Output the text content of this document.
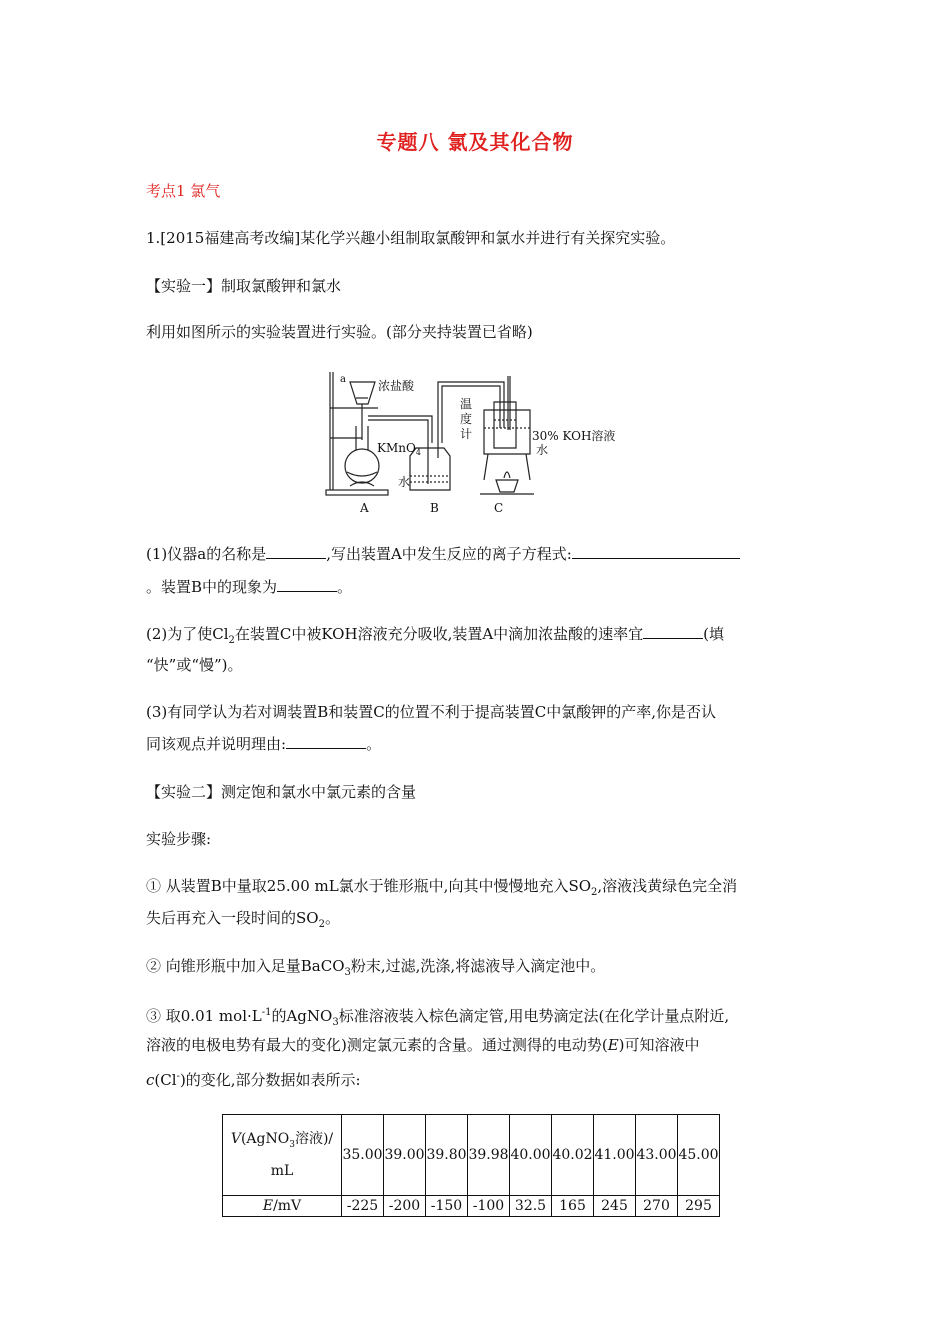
专题八 氯及其化合物
考点1 氯气
1.[2015福建高考改编]某化学兴趣小组制取氯酸钾和氯水并进行有关探究实验。
【实验一】制取氯酸钾和氯水
利用如图所示的实验装置进行实验。(部分夹持装置已省略)
a	浓盐酸
KMnO$_4$
温
度
计	30% KOH溶液
水
水
A	B	C
(1)仪器a的名称是	,写出装置A中发生反应的离子方程式:
。装置B中的现象为	。
(2)为了使$Cl_2$在装置C中被KOH溶液充分吸收,装置A中滴加浓盐酸的速率宜	(填
“快”或“慢”)。
(3)有同学认为若对调装置B和装置C的位置不利于提高装置C中氯酸钾的产率,你是否认
同该观点并说明理由:	。
【实验二】测定饱和氯水中氯元素的含量
实验步骤:
① 从装置B中量取25.00 mL氯水于锥形瓶中,向其中慢慢地充入$SO_2$,溶液浅黄绿色完全消
失后再充入一段时间的$SO_2$。
② 向锥形瓶中加入足量BaCO$_3$粉末,过滤,洗涤,将滤液导入滴定池中。
③ 取0.01 $mol\cdot L^{-1}$的AgNO$_3$标准溶液装入棕色滴定管,用电势滴定法(在化学计量点附近,
溶液的电极电势有最大的变化)测定氯元素的含量。通过测得的电动势(E)可知溶液中
c(Cl-)的变化,部分数据如表所示:
V(AgNO$_3$溶液)/
mL	35.00	39.00	39.80	39.98	40.00	40.02	41.00	43.00	45.00
E/mV	-225	-200	-150	-100	32.5	165	245	270	295
